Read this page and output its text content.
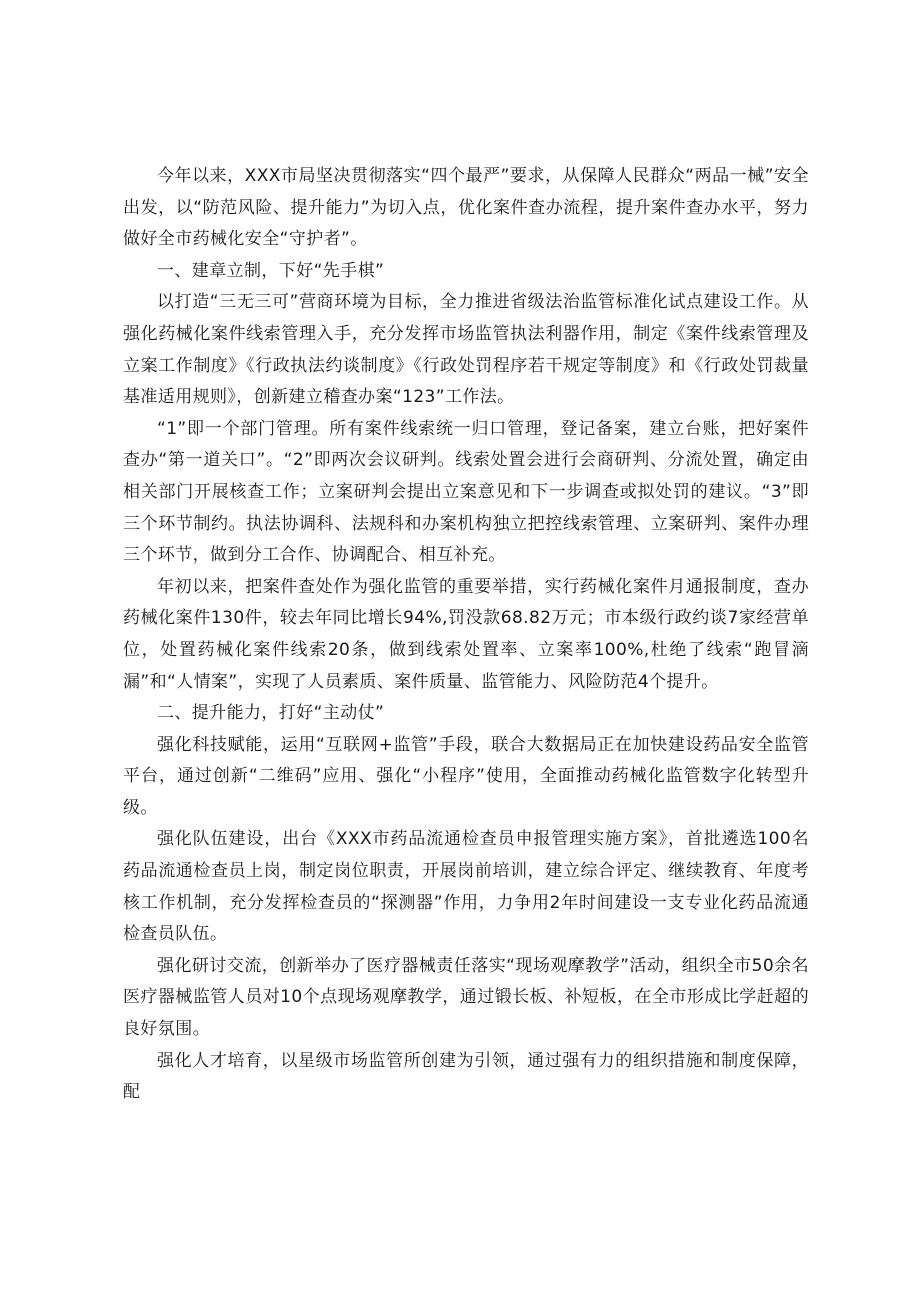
今年以来，XXX市局坚决贯彻落实“四个最严”要求，从保障人民群众“两品一械”安全出发，以“防范风险、提升能力”为切入点，优化案件查办流程，提升案件查办水平，努力做好全市药械化安全“守护者”。

一、建章立制，下好“先手棋”

以打造“三无三可”营商环境为目标，全力推进省级法治监管标准化试点建设工作。从强化药械化案件线索管理入手，充分发挥市场监管执法利器作用，制定《案件线索管理及立案工作制度》《行政执法约谈制度》《行政处罚程序若干规定等制度》和《行政处罚裁量基准适用规则》，创新建立稽查办案“123”工作法。

“1”即一个部门管理。所有案件线索统一归口管理，登记备案，建立台账，把好案件查办“第一道关口”。“2”即两次会议研判。线索处置会进行会商研判、分流处置，确定由相关部门开展核查工作；立案研判会提出立案意见和下一步调查或拟处罚的建议。“3”即三个环节制约。执法协调科、法规科和办案机构独立把控线索管理、立案研判、案件办理三个环节，做到分工合作、协调配合、相互补充。

年初以来，把案件查处作为强化监管的重要举措，实行药械化案件月通报制度，查办药械化案件130件，较去年同比增长94%,罚没款68.82万元；市本级行政约谈7家经营单位，处置药械化案件线索20条，做到线索处置率、立案率100%,杜绝了线索“跑冒滴漏”和“人情案”，实现了人员素质、案件质量、监管能力、风险防范4个提升。

二、提升能力，打好“主动仗”

强化科技赋能，运用“互联网+监管”手段，联合大数据局正在加快建设药品安全监管平台，通过创新“二维码”应用、强化“小程序”使用，全面推动药械化监管数字化转型升级。

强化队伍建设，出台《XXX市药品流通检查员申报管理实施方案》，首批遴选100名药品流通检查员上岗，制定岗位职责，开展岗前培训，建立综合评定、继续教育、年度考核工作机制，充分发挥检查员的“探测器”作用，力争用2年时间建设一支专业化药品流通检查员队伍。

强化研讨交流，创新举办了医疗器械责任落实“现场观摩教学”活动，组织全市50余名医疗器械监管人员对10个点现场观摩教学，通过锻长板、补短板，在全市形成比学赶超的良好氛围。

强化人才培育，以星级市场监管所创建为引领，通过强有力的组织措施和制度保障，配
